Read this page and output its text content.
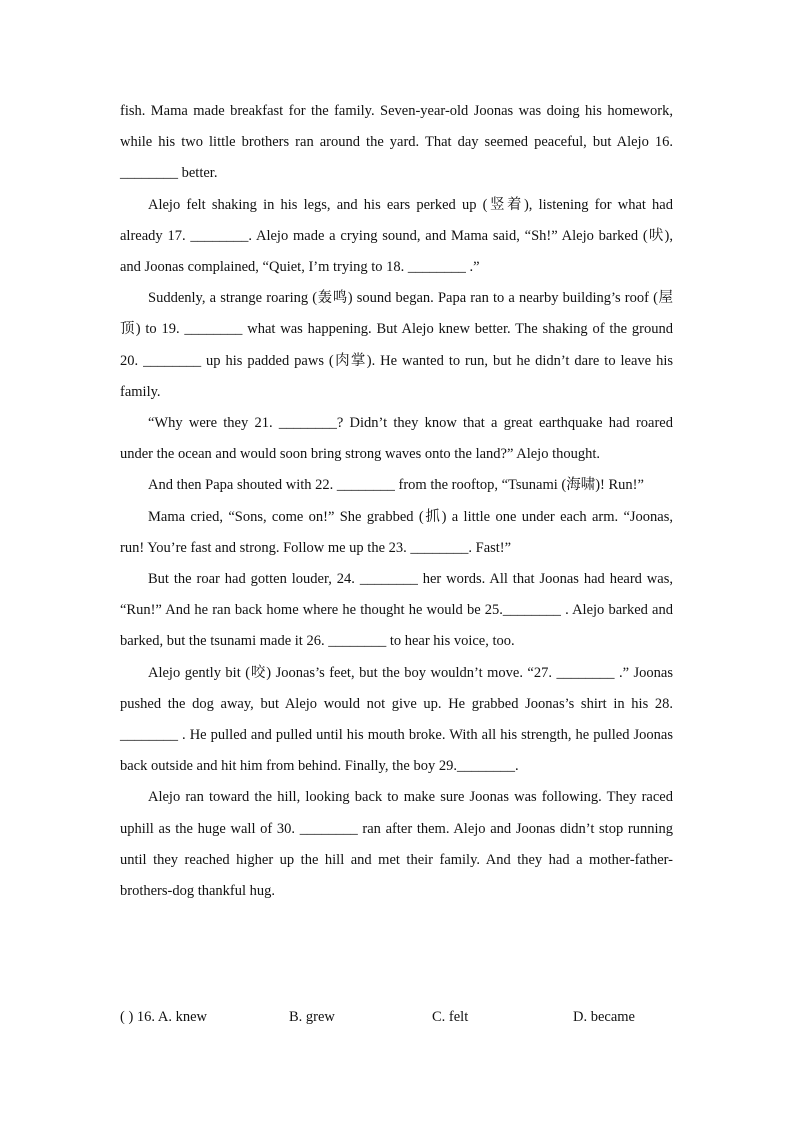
fish. Mama made breakfast for the family. Seven-year-old Joonas was doing his homework, while his two little brothers ran around the yard. That day seemed peaceful, but Alejo 16. ________ better.

Alejo felt shaking in his legs, and his ears perked up (竖着), listening for what had already 17. ________. Alejo made a crying sound, and Mama said, “Sh!” Alejo barked (吠), and Joonas complained, “Quiet, I’m trying to 18. ________ .”

Suddenly, a strange roaring (轰鸣) sound began. Papa ran to a nearby building’s roof (屋顶) to 19. ________ what was happening. But Alejo knew better. The shaking of the ground 20. ________ up his padded paws (肉掌). He wanted to run, but he didn’t dare to leave his family.

“Why were they 21. ________? Didn’t they know that a great earthquake had roared under the ocean and would soon bring strong waves onto the land?” Alejo thought.

And then Papa shouted with 22. ________ from the rooftop, “Tsunami (海啸)! Run!”

Mama cried, “Sons, come on!” She grabbed (抓) a little one under each arm. “Joonas, run! You’re fast and strong. Follow me up the 23. ________. Fast!”

But the roar had gotten louder, 24. ________ her words. All that Joonas had heard was, “Run!” And he ran back home where he thought he would be 25.________ . Alejo barked and barked, but the tsunami made it 26. ________ to hear his voice, too.

Alejo gently bit (咬) Joonas’s feet, but the boy wouldn’t move. “27. ________ .” Joonas pushed the dog away, but Alejo would not give up. He grabbed Joonas’s shirt in his 28. ________ . He pulled and pulled until his mouth broke. With all his strength, he pulled Joonas back outside and hit him from behind. Finally, the boy 29.________.

Alejo ran toward the hill, looking back to make sure Joonas was following. They raced uphill as the huge wall of 30. ________ ran after them. Alejo and Joonas didn’t stop running until they reached higher up the hill and met their family. And they had a mother-father-brothers-dog thankful hug.

( ) 16. A. knew	B. grew	C. felt	D. became
